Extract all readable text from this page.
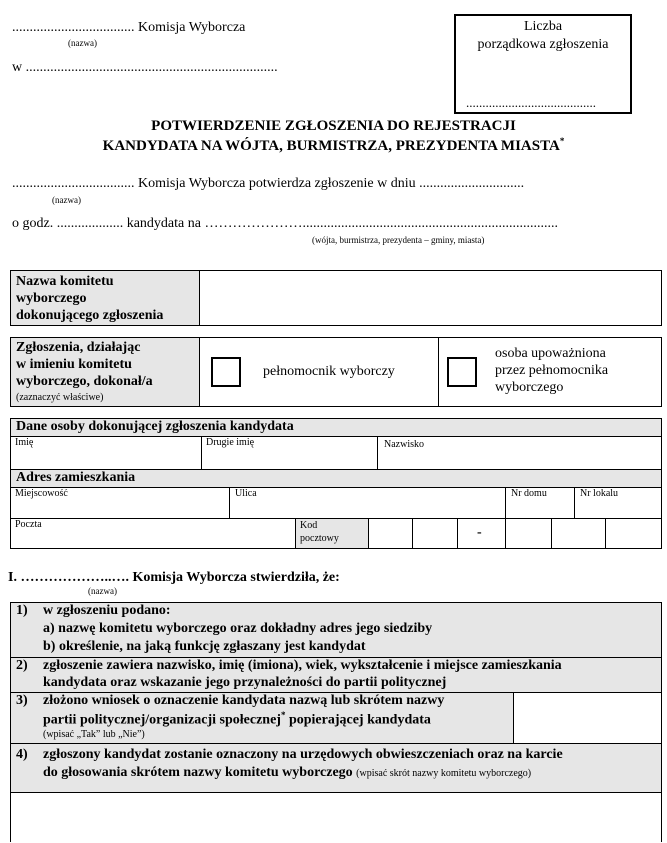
................................... Komisja Wyborcza
(nazwa)
w ........................................................................
Liczba
porządkowa zgłoszenia
........................................
POTWIERDZENIE ZGŁOSZENIA DO REJESTRACJI
KANDYDATA NA WÓJTA, BURMISTRZA, PREZYDENTA MIASTA*
................................... Komisja Wyborcza potwierdza zgłoszenie w dniu ..............................
(nazwa)
o godz. ................... kandydata na ………………….........................................................................
(wójta, burmistrza, prezydenta – gminy, miasta)
Nazwa komitetu
wyborczego
dokonującego zgłoszenia
Zgłoszenia, działając
w imieniu komitetu
wyborczego, dokonał/a
(zaznaczyć właściwe)
pełnomocnik wyborczy
osoba upoważniona
przez pełnomocnika
wyborczego
Dane osoby dokonującej zgłoszenia kandydata
Imię	Drugie imię	Nazwisko
Adres zamieszkania
Miejscowość	Ulica	Nr domu	Nr lokalu
Poczta	Kod
pocztowy	-
I. ………………..…. Komisja Wyborcza stwierdziła, że:
(nazwa)
1) w zgłoszeniu podano:
a) nazwę komitetu wyborczego oraz dokładny adres jego siedziby
b) określenie, na jaką funkcję zgłaszany jest kandydat
2) zgłoszenie zawiera nazwisko, imię (imiona), wiek, wykształcenie i miejsce zamieszkania
kandydata oraz wskazanie jego przynależności do partii politycznej
3) złożono wniosek o oznaczenie kandydata nazwą lub skrótem nazwy
partii politycznej/organizacji społecznej* popierającej kandydata
(wpisać „Tak” lub „Nie”)
4) zgłoszony kandydat zostanie oznaczony na urzędowych obwieszczeniach oraz na karcie
do głosowania skrótem nazwy komitetu wyborczego (wpisać skrót nazwy komitetu wyborczego)
